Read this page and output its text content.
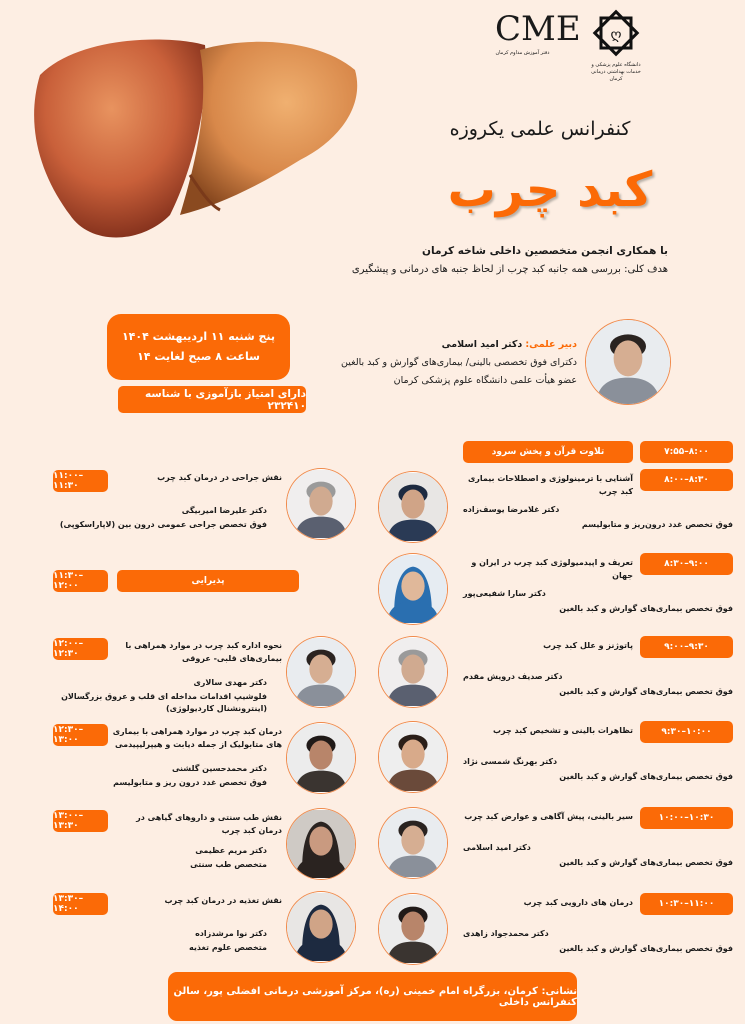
CME
دفتر آموزش مداوم کرمان
ღ
دانشگاه علوم پزشکی و خدمات بهداشتی درمانی کرمان
کنفرانس علمی یکروزه
کبد چرب
با همکاری انجمن متخصصین داخلی شاخه کرمان
هدف کلی: بررسی همه جانبه کبد چرب از لحاظ جنبه های درمانی و پیشگیری
پنج شنبه ۱۱ اردیبهشت ۱۴۰۴
ساعت ۸ صبح لغایت ۱۴
دارای امتیاز بازآموزی با شناسه ۲۳۲۴۱۰
دبیر علمی: دکتر امید اسلامی
دکترای فوق تخصصی بالینی/ بیماری‌های گوارش و کبد بالغین
عضو هیأت علمی دانشگاه علوم پزشکی کرمان
۷:۵۵–۸:۰۰
تلاوت قرآن و پخش سرود
۸:۰۰–۸:۳۰
آشنایی با ترمینولوژی و اصطلاحات بیماری کبد چرب
دکتر غلامرضا یوسف‌زاده
فوق تخصص غدد درون‌ریز و متابولیسم
۸:۳۰–۹:۰۰
تعریف و اپیدمیولوژی کبد چرب در ایران و جهان
دکتر سارا شفیعی‌پور
فوق تخصص بیماری‌های گوارش و کبد بالغین
۹:۰۰–۹:۳۰
پاتوژنز و علل کبد چرب
دکتر صدیف درویش مقدم
فوق تخصص بیماری‌های گوارش و کبد بالغین
۹:۳۰–۱۰:۰۰
تظاهرات بالینی و تشخیص کبد چرب
دکتر بهرنگ شمسی نژاد
فوق تخصص بیماری‌های گوارش و کبد بالغین
۱۰:۰۰–۱۰:۳۰
سیر بالینی، پیش آگاهی و عوارض کبد چرب
دکتر امید اسلامی
فوق تخصص بیماری‌های گوارش و کبد بالغین
۱۰:۳۰–۱۱:۰۰
درمان های دارویی کبد چرب
دکتر محمدجواد زاهدی
فوق تخصص بیماری‌های گوارش و کبد بالغین
۱۱:۰۰–۱۱:۳۰
نقش جراحی در درمان کبد چرب
دکتر علیرضا امیربیگی
فوق تخصص جراحی عمومی درون بین (لاپاراسکوپی)
۱۱:۳۰–۱۲:۰۰	پذیرایی
۱۲:۰۰–۱۲:۳۰
نحوه اداره کبد چرب در موارد همراهی با بیماری‌های قلبی- عروقی
دکتر مهدی سالاری
فلوشیپ اقدامات مداخله ای قلب و عروق بزرگسالان (اینترونشنال کاردیولوژی)
۱۲:۳۰–۱۳:۰۰
درمان کبد چرب در موارد همراهی با بیماری های متابولیک از جمله دیابت و هیپرلیپیدمی
دکتر محمدحسین گلشنی
فوق تخصص غدد درون ریز و متابولیسم
۱۳:۰۰–۱۳:۳۰
نقش طب سنتی و داروهای گیاهی در درمان کبد چرب
دکتر مریم عظیمی
متخصص طب سنتی
۱۳:۳۰–۱۴:۰۰
نقش تغذیه در درمان کبد چرب
دکتر نوا مرشدزاده
متخصص علوم تغذیه
نشانی: کرمان، بزرگراه امام خمینی (ره)، مرکز آموزشی درمانی افضلی پور، سالن کنفرانس داخلی
